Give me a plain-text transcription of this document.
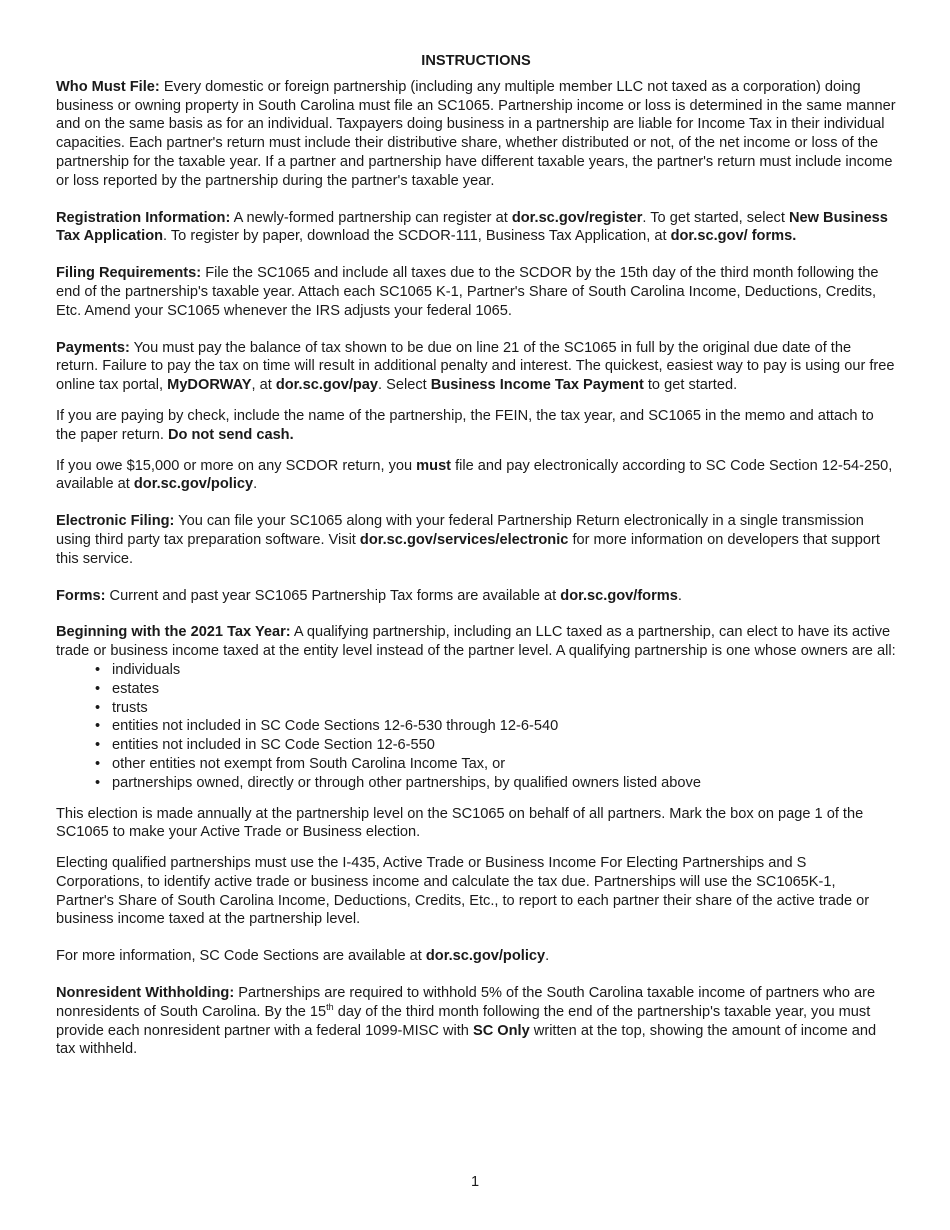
INSTRUCTIONS

Who Must File: Every domestic or foreign partnership (including any multiple member LLC not taxed as a corporation) doing business or owning property in South Carolina must file an SC1065. Partnership income or loss is determined in the same manner and on the same basis as for an individual. Taxpayers doing business in a partnership are liable for Income Tax in their individual capacities. Each partner's return must include their distributive share, whether distributed or not, of the net income or loss of the partnership for the taxable year. If a partner and partnership have different taxable years, the partner's return must include income or loss reported by the partnership during the partner's taxable year.

Registration Information: A newly-formed partnership can register at dor.sc.gov/register. To get started, select New Business Tax Application. To register by paper, download the SCDOR-111, Business Tax Application, at dor.sc.gov/ forms.

Filing Requirements: File the SC1065 and include all taxes due to the SCDOR by the 15th day of the third month following the end of the partnership's taxable year. Attach each SC1065 K-1, Partner's Share of South Carolina Income, Deductions, Credits, Etc. Amend your SC1065 whenever the IRS adjusts your federal 1065.

Payments: You must pay the balance of tax shown to be due on line 21 of the SC1065 in full by the original due date of the return. Failure to pay the tax on time will result in additional penalty and interest. The quickest, easiest way to pay is using our free online tax portal, MyDORWAY, at dor.sc.gov/pay. Select Business Income Tax Payment to get started.

If you are paying by check, include the name of the partnership, the FEIN, the tax year, and SC1065 in the memo and attach to the paper return. Do not send cash.

If you owe $15,000 or more on any SCDOR return, you must file and pay electronically according to SC Code Section 12-54-250, available at dor.sc.gov/policy.

Electronic Filing: You can file your SC1065 along with your federal Partnership Return electronically in a single transmission using third party tax preparation software. Visit dor.sc.gov/services/electronic for more information on developers that support this service.

Forms: Current and past year SC1065 Partnership Tax forms are available at dor.sc.gov/forms.

Beginning with the 2021 Tax Year: A qualifying partnership, including an LLC taxed as a partnership, can elect to have its active trade or business income taxed at the entity level instead of the partner level. A qualifying partnership is one whose owners are all:

• individuals
• estates
• trusts
• entities not included in SC Code Sections 12-6-530 through 12-6-540
• entities not included in SC Code Section 12-6-550
• other entities not exempt from South Carolina Income Tax, or
• partnerships owned, directly or through other partnerships, by qualified owners listed above

This election is made annually at the partnership level on the SC1065 on behalf of all partners. Mark the box on page 1 of the SC1065 to make your Active Trade or Business election.

Electing qualified partnerships must use the I-435, Active Trade or Business Income For Electing Partnerships and S Corporations, to identify active trade or business income and calculate the tax due. Partnerships will use the SC1065K-1, Partner's Share of South Carolina Income, Deductions, Credits, Etc., to report to each partner their share of the active trade or business income taxed at the partnership level.

For more information, SC Code Sections are available at dor.sc.gov/policy.

Nonresident Withholding: Partnerships are required to withhold 5% of the South Carolina taxable income of partners who are nonresidents of South Carolina. By the 15th day of the third month following the end of the partnership's taxable year, you must provide each nonresident partner with a federal 1099-MISC with SC Only written at the top, showing the amount of income and tax withheld.

1
